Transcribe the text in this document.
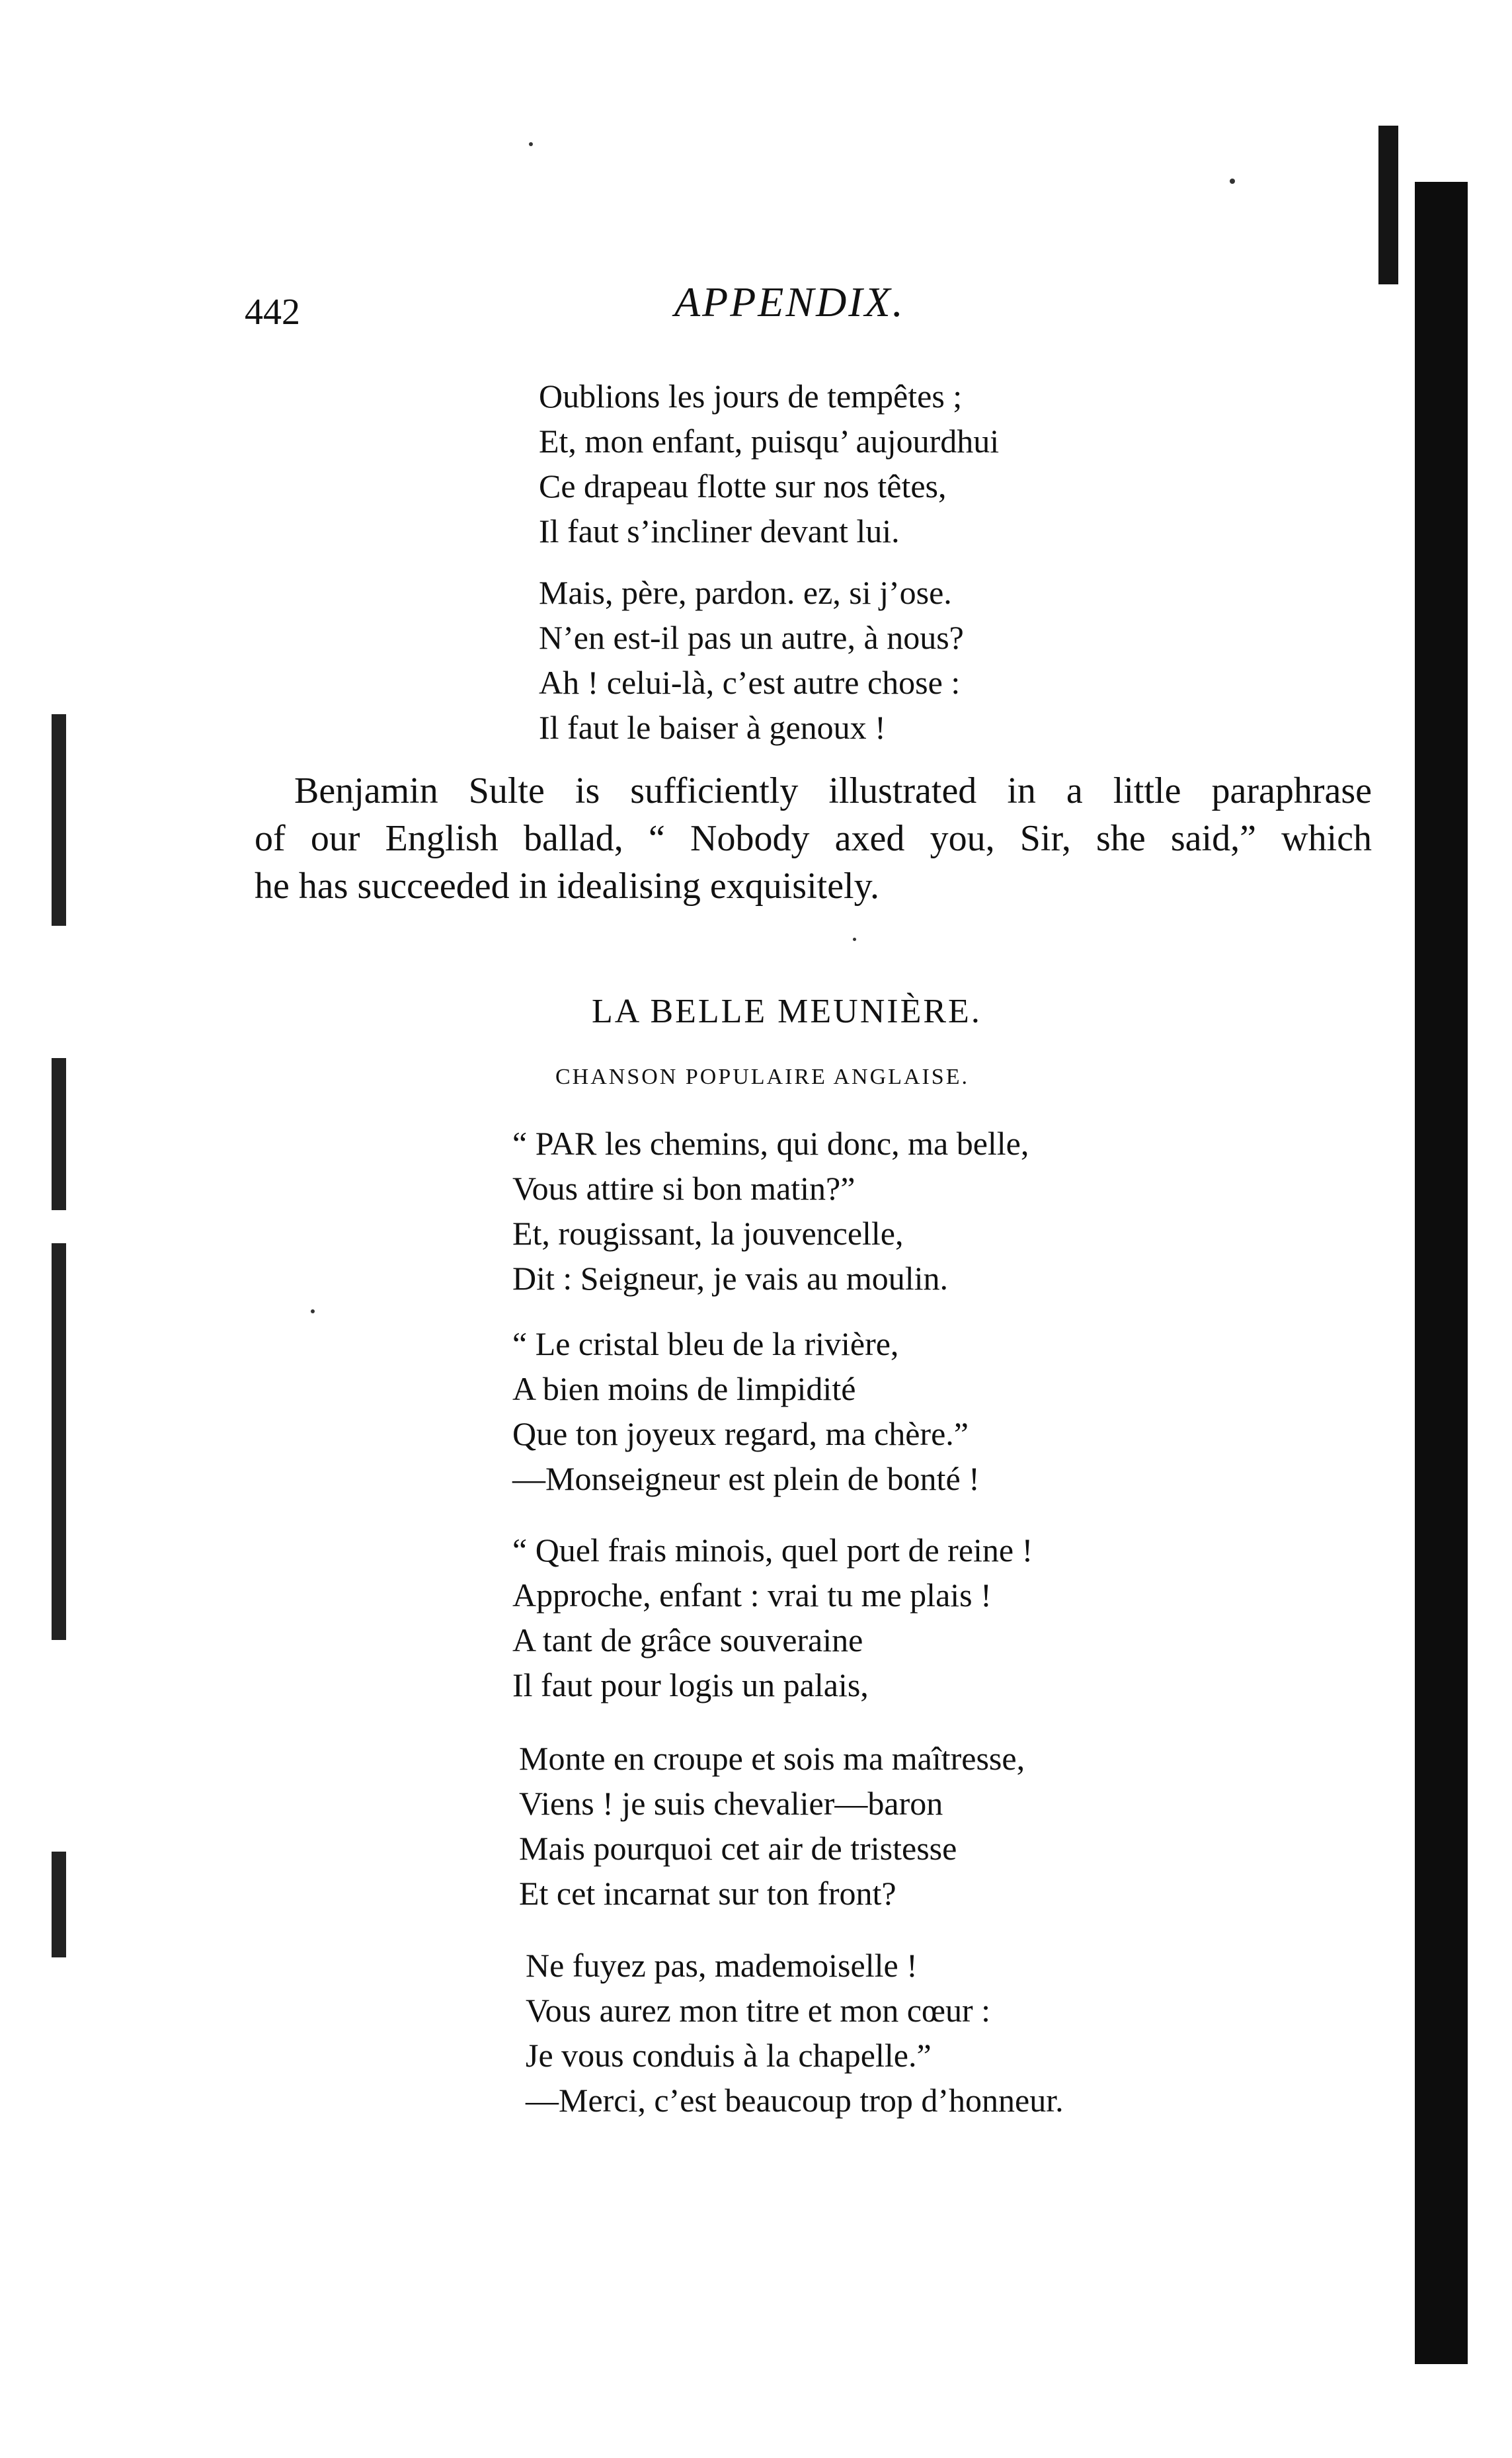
442	APPENDIX.
Oublions les jours de tempêtes ;
Et, mon enfant, puisqu’ aujourdhui
Ce drapeau flotte sur nos têtes,
Il faut s’incliner devant lui.
Mais, père, pardon. ez, si j’ose.
N’en est-il pas un autre, à nous?
Ah ! celui-là, c’est autre chose :
Il faut le baiser à genoux !
Benjamin Sulte is sufficiently illustrated in a little paraphrase
of our English ballad, “ Nobody axed you, Sir, she said,” which
he has succeeded in idealising exquisitely.
LA BELLE MEUNIÈRE.
CHANSON POPULAIRE ANGLAISE.
“ PAR les chemins, qui donc, ma belle,
Vous attire si bon matin?”
Et, rougissant, la jouvencelle,
Dit : Seigneur, je vais au moulin.
“ Le cristal bleu de la rivière,
A bien moins de limpidité
Que ton joyeux regard, ma chère.”
—Monseigneur est plein de bonté !
“ Quel frais minois, quel port de reine !
Approche, enfant : vrai tu me plais !
A tant de grâce souveraine
Il faut pour logis un palais,
Monte en croupe et sois ma maîtresse,
Viens ! je suis chevalier—baron
Mais pourquoi cet air de tristesse
Et cet incarnat sur ton front?
Ne fuyez pas, mademoiselle !
Vous aurez mon titre et mon cœur :
Je vous conduis à la chapelle.”
—Merci, c’est beaucoup trop d’honneur.
